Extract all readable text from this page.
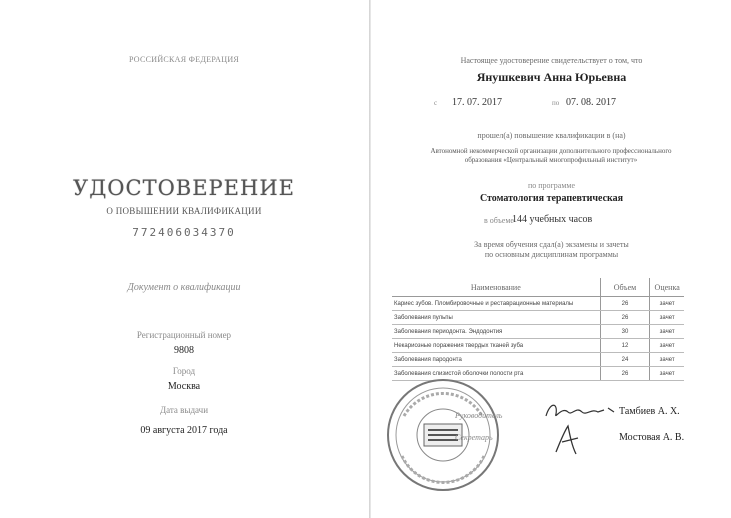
РОССИЙСКАЯ ФЕДЕРАЦИЯ
УДОСТОВЕРЕНИЕ
О ПОВЫШЕНИИ КВАЛИФИКАЦИИ
772406034370
Документ о квалификации
Регистрационный номер
9808
Город
Москва
Дата выдачи
09 августа 2017 года
Настоящее удостоверение свидетельствует о том, что
Янушкевич Анна Юрьевна
с 17. 07. 2017	по 07. 08. 2017
прошел(а) повышение квалификации в (на)
Автономной некоммерческой организации дополнительного профессионального образования «Центральный многопрофильный институт»
по программе
Стоматология терапевтическая
в объеме
144 учебных часов
За время обучения сдал(а) экзамены и зачеты
по основным дисциплинам программы
Наименование	Объем	Оценка
Кариес зубов. Пломбировочные и реставрационные материалы	26	зачет
Заболевания пульпы	26	зачет
Заболевания периодонта. Эндодонтия	30	зачет
Некариозные поражения твердых тканей зуба	12	зачет
Заболевания пародонта	24	зачет
Заболевания слизистой оболочки полости рта	26	зачет
Руководитель
Секретарь
Тамбиев А. Х.
Мостовая А. В.
